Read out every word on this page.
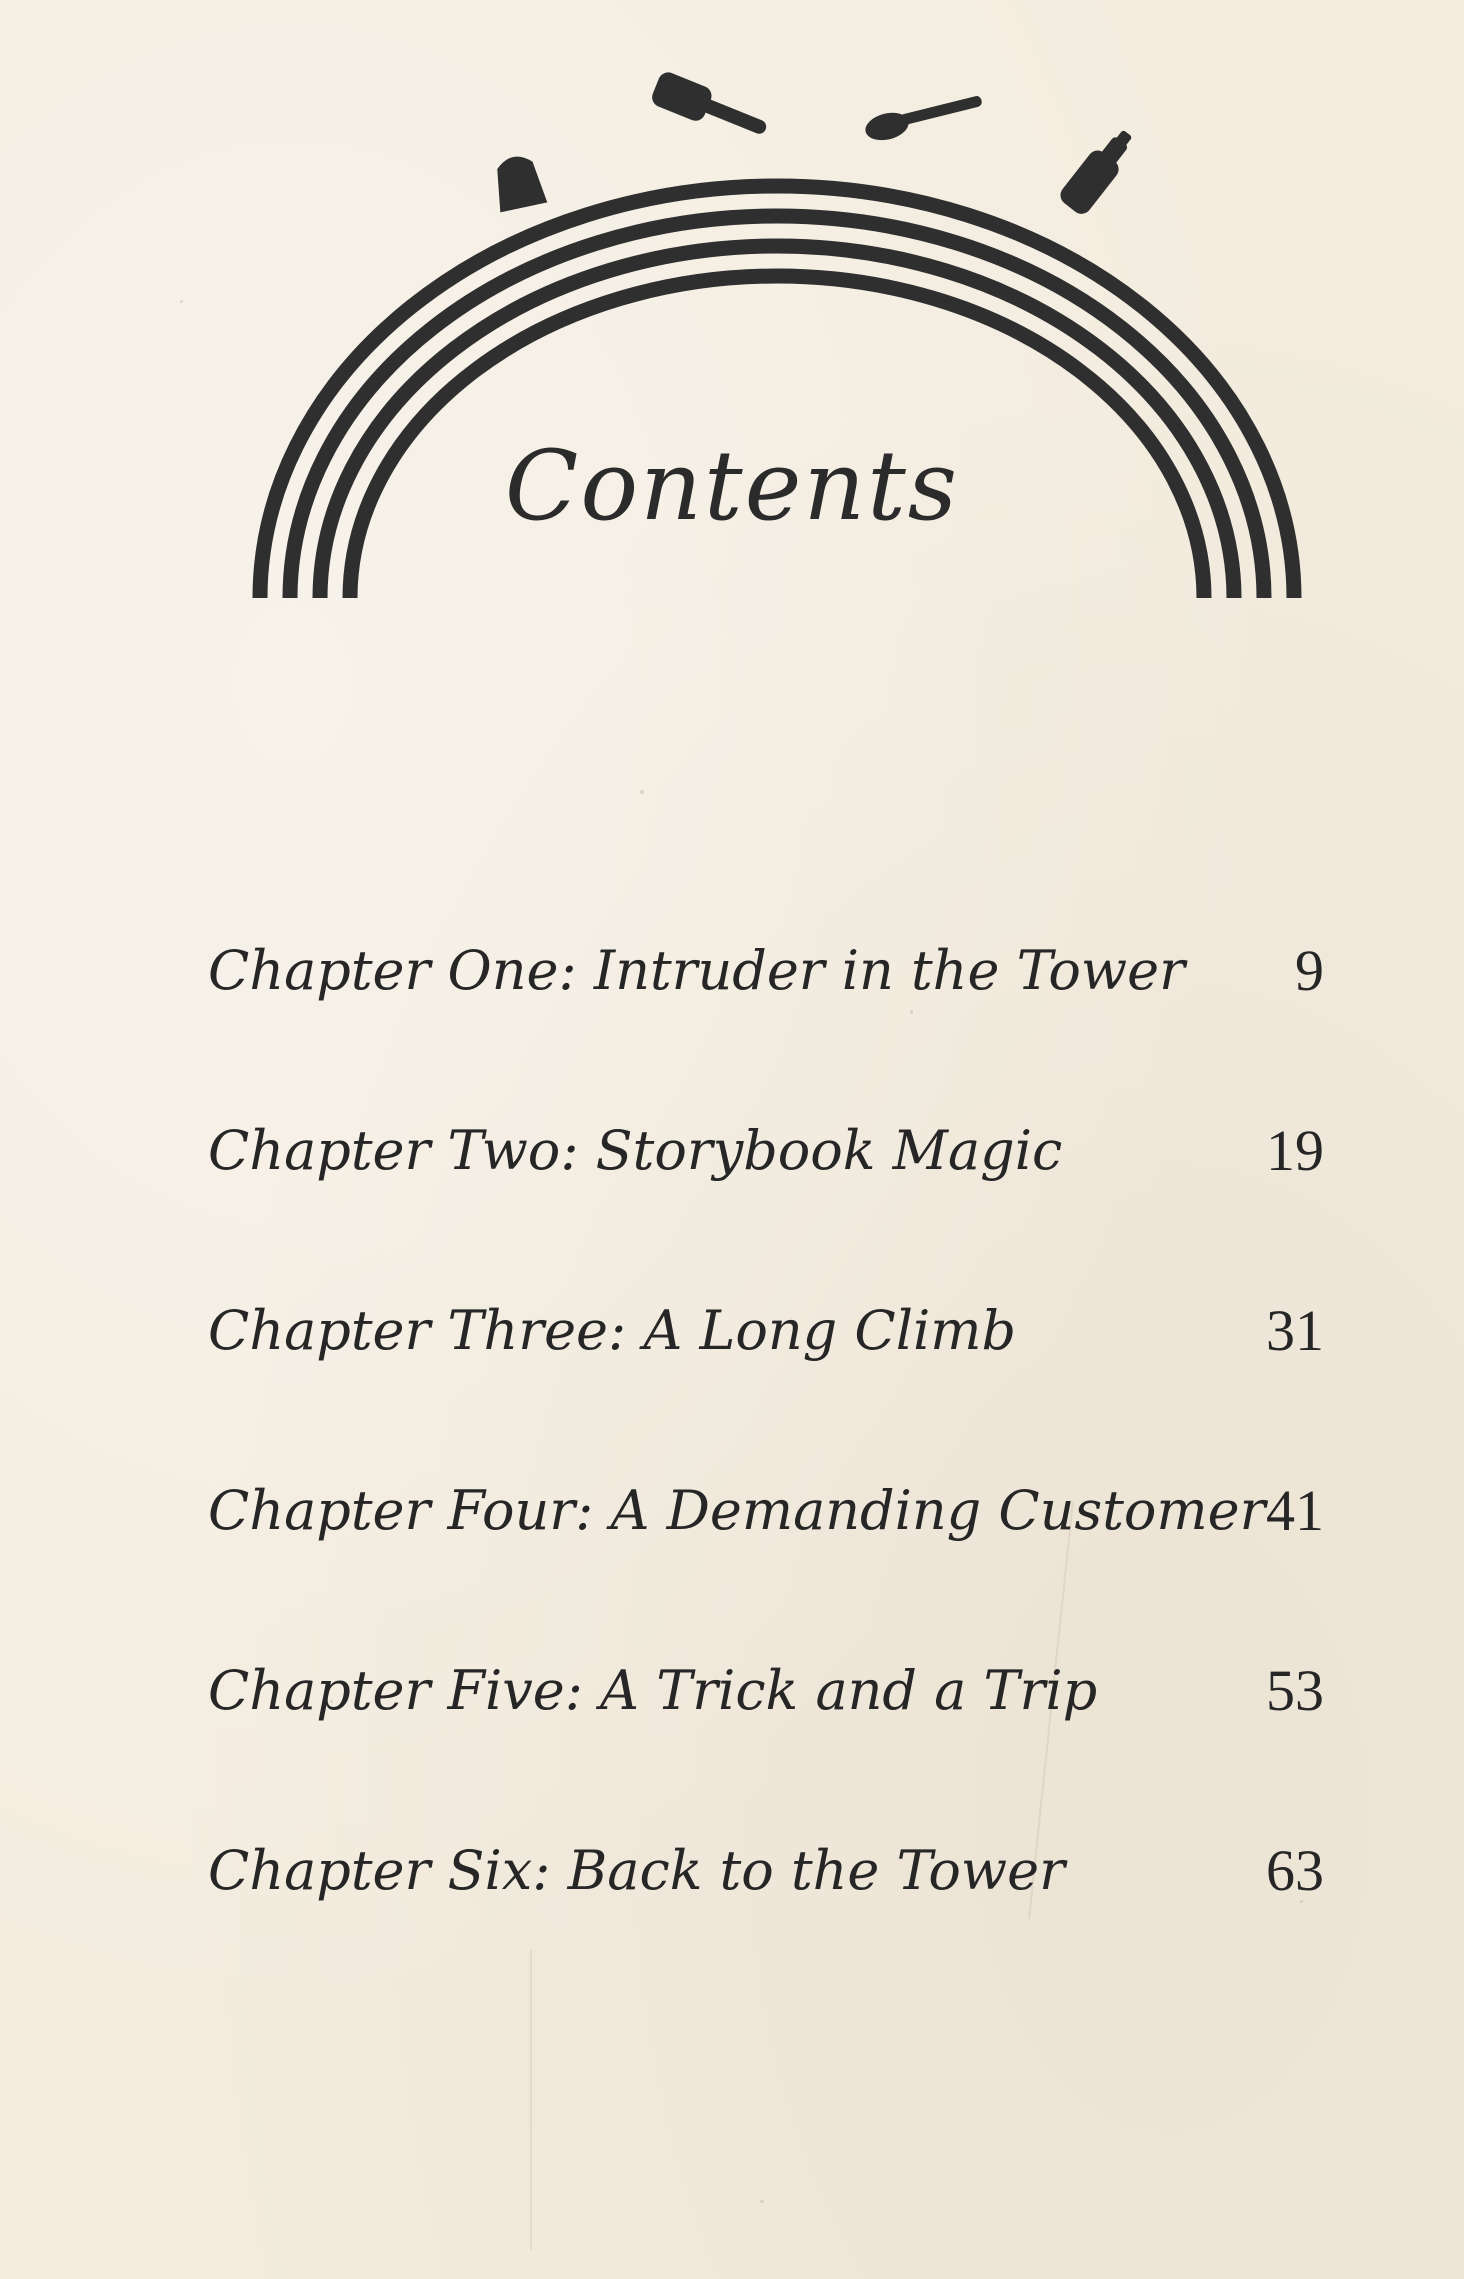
Contents
Chapter One: Intruder in the Tower	9
Chapter Two: Storybook Magic	19
Chapter Three: A Long Climb	31
Chapter Four: A Demanding Customer 41
Chapter Five: A Trick and a Trip	53
Chapter Six: Back to the Tower	63
